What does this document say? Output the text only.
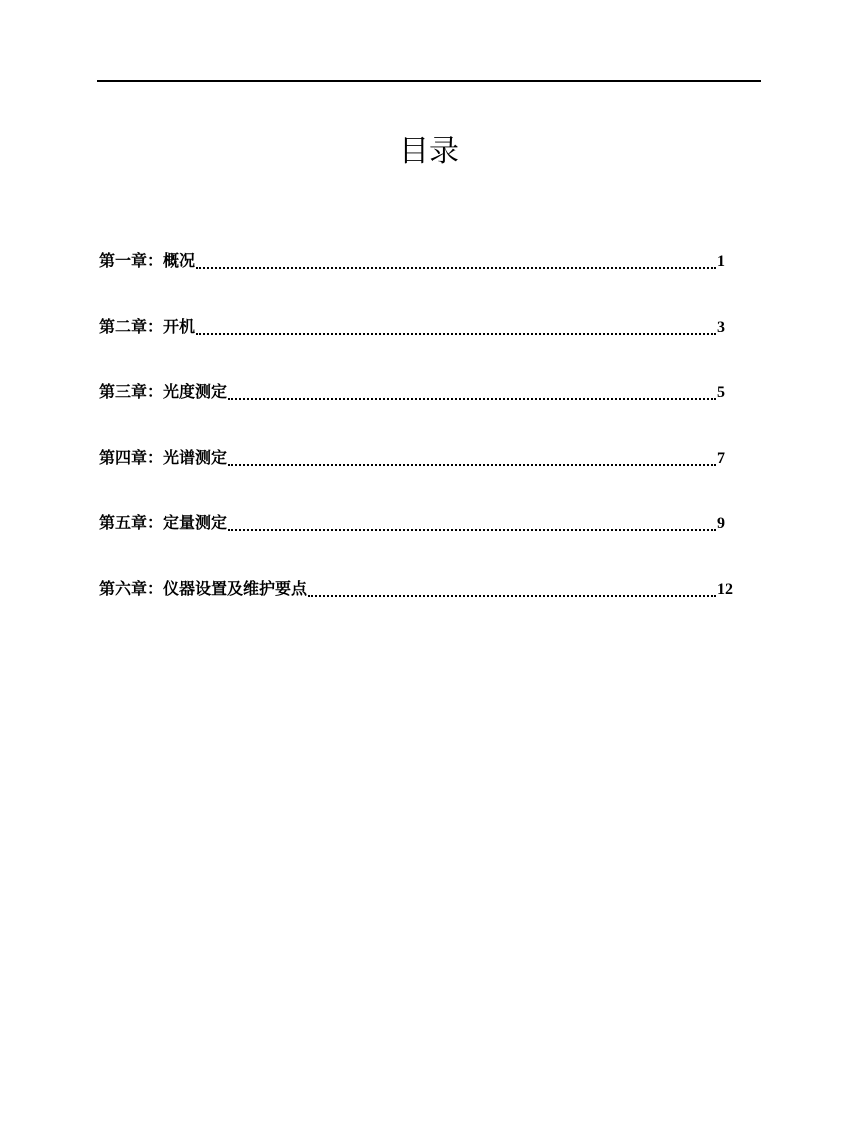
目录
第一章：概况	1
第二章：开机	3
第三章：光度测定	5
第四章：光谱测定	7
第五章：定量测定	9
第六章：仪器设置及维护要点	12
